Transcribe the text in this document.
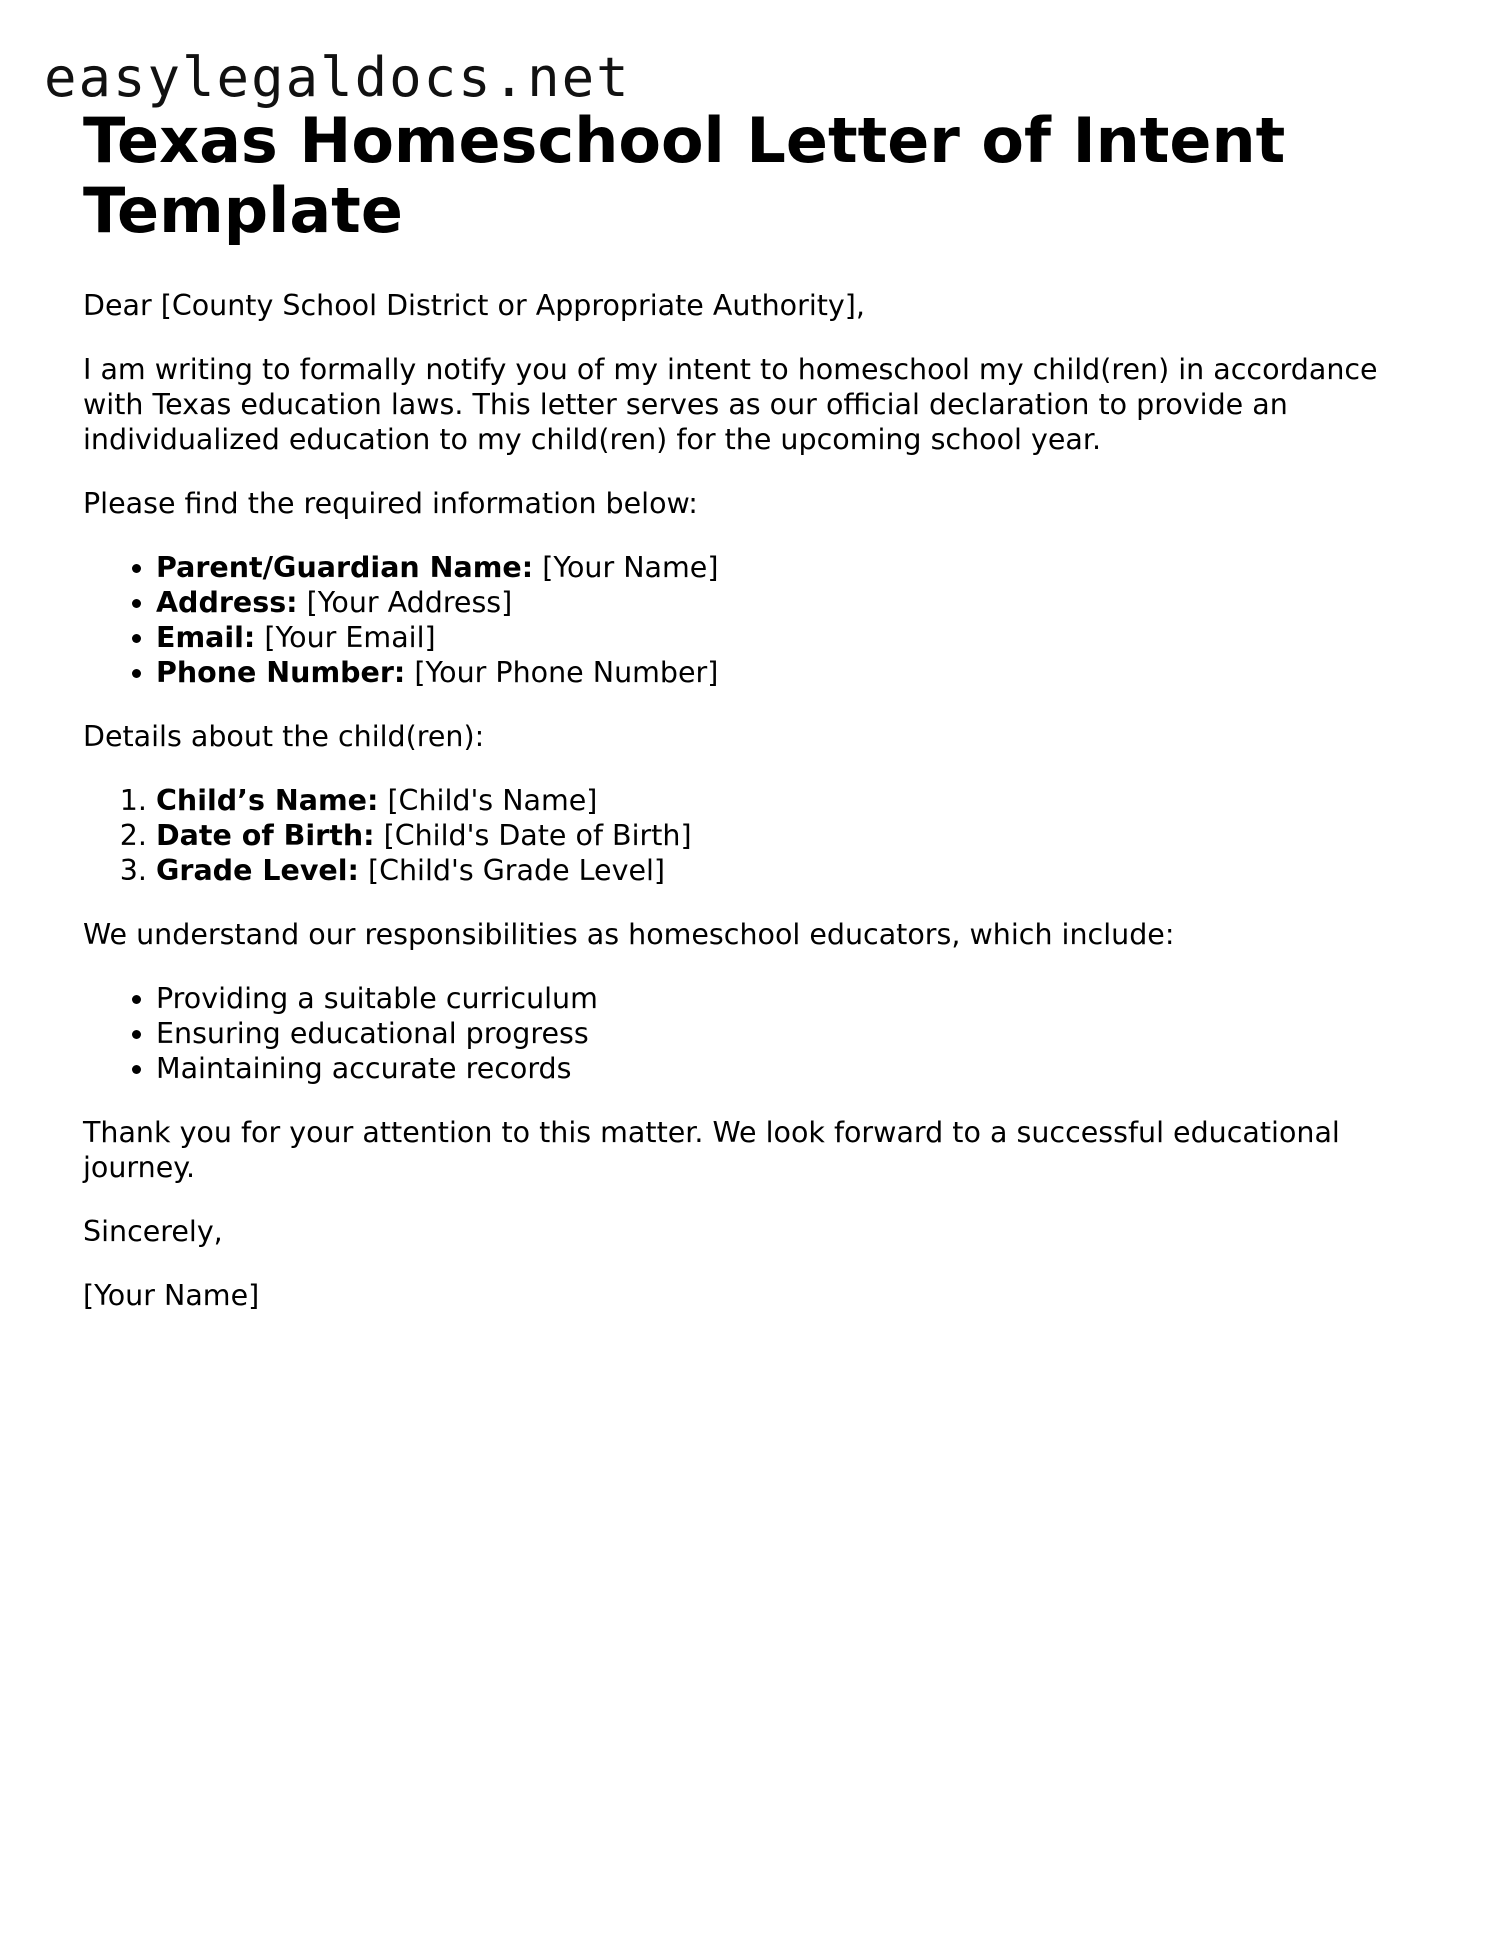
easylegaldocs.net
Texas Homeschool Letter of Intent Template

Dear [County School District or Appropriate Authority],

I am writing to formally notify you of my intent to homeschool my child(ren) in accordance with Texas education laws. This letter serves as our official declaration to provide an individualized education to my child(ren) for the upcoming school year.

Please find the required information below:

• Parent/Guardian Name: [Your Name]
• Address: [Your Address]
• Email: [Your Email]
• Phone Number: [Your Phone Number]

Details about the child(ren):

1. Child’s Name: [Child's Name]
2. Date of Birth: [Child's Date of Birth]
3. Grade Level: [Child's Grade Level]

We understand our responsibilities as homeschool educators, which include:

• Providing a suitable curriculum
• Ensuring educational progress
• Maintaining accurate records

Thank you for your attention to this matter. We look forward to a successful educational journey.

Sincerely,

[Your Name]
